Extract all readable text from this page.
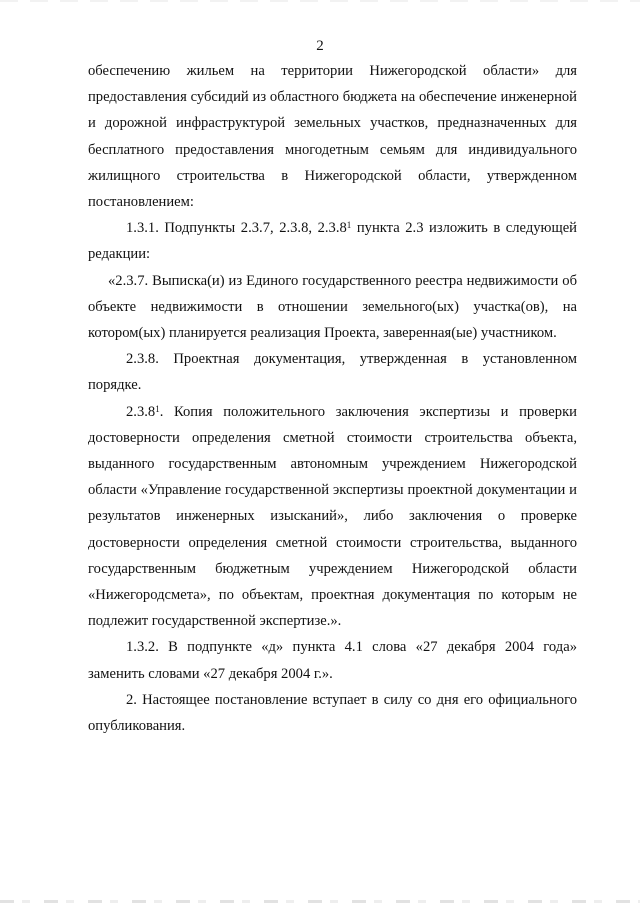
2

обеспечению жильем на территории Нижегородской области» для предоставления субсидий из областного бюджета на обеспечение инженерной и дорожной инфраструктурой земельных участков, предназначенных для бесплатного предоставления многодетным семьям для индивидуального жилищного строительства в Нижегородской области, утвержденном постановлением:

1.3.1. Подпункты 2.3.7, 2.3.8, 2.3.8$^1$ пункта 2.3 изложить в следующей редакции:

«2.3.7. Выписка(и) из Единого государственного реестра недвижимости об объекте недвижимости в отношении земельного(ых) участка(ов), на котором(ых) планируется реализация Проекта, заверенная(ые) участником.

2.3.8. Проектная документация, утвержденная в установленном порядке.

2.3.8$^1$. Копия положительного заключения экспертизы и проверки достоверности определения сметной стоимости строительства объекта, выданного государственным автономным учреждением Нижегородской области «Управление государственной экспертизы проектной документации и результатов инженерных изысканий», либо заключения о проверке достоверности определения сметной стоимости строительства, выданного государственным бюджетным учреждением Нижегородской области «Нижегородсмета», по объектам, проектная документация по которым не подлежит государственной экспертизе.».

1.3.2. В подпункте «д» пункта 4.1 слова «27 декабря 2004 года» заменить словами «27 декабря 2004 г.».

2. Настоящее постановление вступает в силу со дня его официального опубликования.
